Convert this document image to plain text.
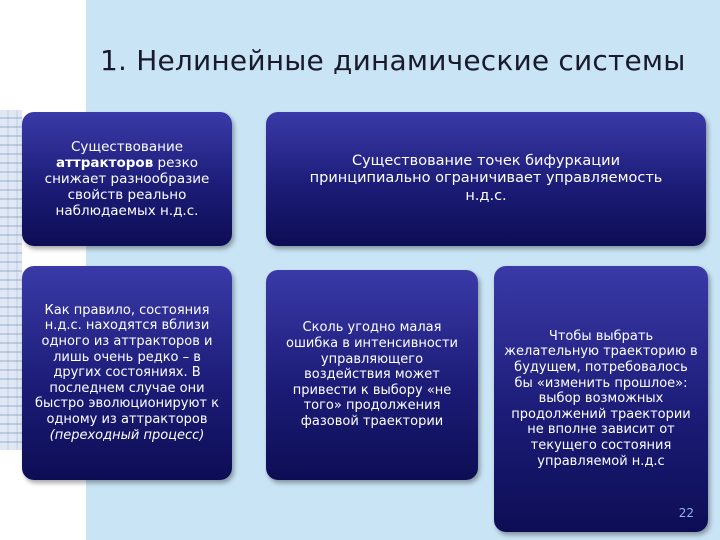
1. Нелинейные динамические системы
Существование
аттракторов резко снижает разнообразие свойств реально наблюдаемых н.д.с.
Существование точек бифуркации принципиально ограничивает управляемость н.д.с.
Как правило, состояния н.д.с. находятся вблизи одного из аттракторов и лишь очень редко – в других состояниях. В последнем случае они быстро эволюционируют к одному из аттракторов (переходный процесс)
Сколь угодно малая ошибка в интенсивности управляющего воздействия может привести к выбору «не того» продолжения фазовой траектории
Чтобы выбрать желательную траекторию в будущем, потребовалось бы «изменить прошлое»: выбор возможных продолжений траектории не вполне зависит от текущего состояния управляемой н.д.с
22
